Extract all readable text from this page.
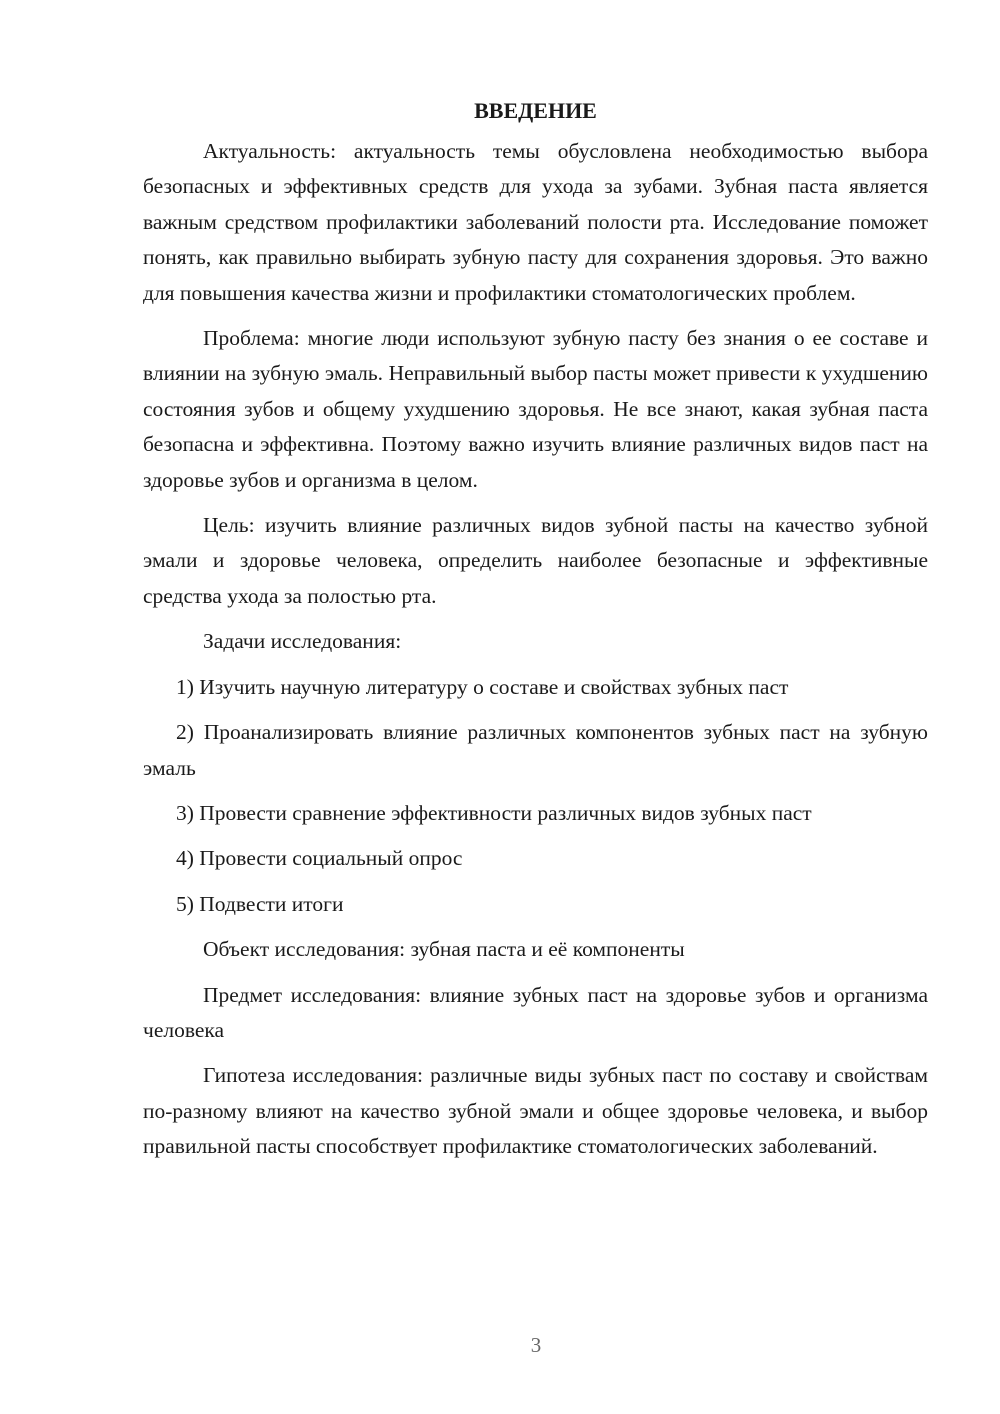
ВВЕДЕНИЕ

Актуальность: актуальность темы обусловлена необходимостью выбора безопасных и эффективных средств для ухода за зубами. Зубная паста является важным средством профилактики заболеваний полости рта. Исследование поможет понять, как правильно выбирать зубную пасту для сохранения здоровья. Это важно для повышения качества жизни и профилактики стоматологических проблем.

Проблема: многие люди используют зубную пасту без знания о ее составе и влиянии на зубную эмаль. Неправильный выбор пасты может привести к ухудшению состояния зубов и общему ухудшению здоровья. Не все знают, какая зубная паста безопасна и эффективна. Поэтому важно изучить влияние различных видов паст на здоровье зубов и организма в целом.

Цель: изучить влияние различных видов зубной пасты на качество зубной эмали и здоровье человека, определить наиболее безопасные и эффективные средства ухода за полостью рта.

Задачи исследования:

1) Изучить научную литературу о составе и свойствах зубных паст
2) Проанализировать влияние различных компонентов зубных паст на зубную эмаль
3) Провести сравнение эффективности различных видов зубных паст
4) Провести социальный опрос
5) Подвести итоги

Объект исследования: зубная паста и её компоненты

Предмет исследования: влияние зубных паст на здоровье зубов и организма человека

Гипотеза исследования: различные виды зубных паст по составу и свойствам по-разному влияют на качество зубной эмали и общее здоровье человека, и выбор правильной пасты способствует профилактике стоматологических заболеваний.

3
